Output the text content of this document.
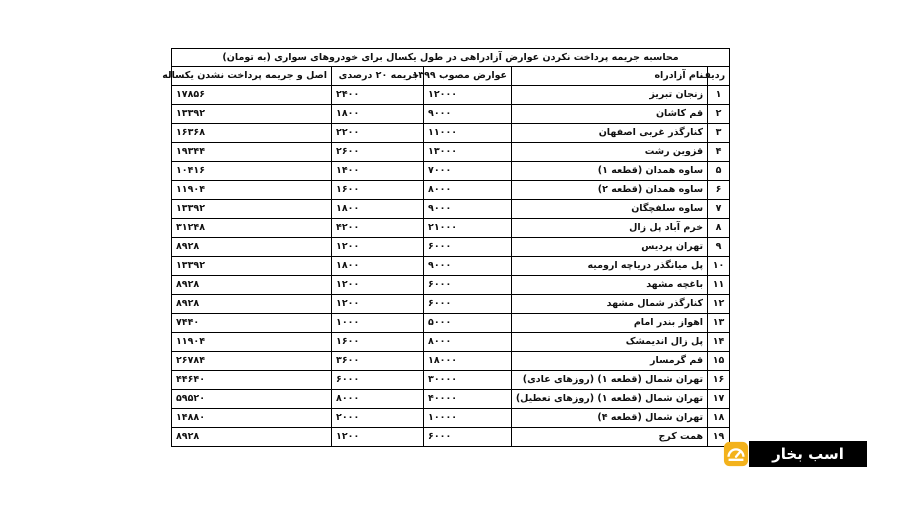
محاسبه جریمه پرداخت نکردن عوارض آزادراهی در طول یکسال برای خودروهای سواری (به تومان)				
ردیف	نام آزادراه	عوارض مصوب ۱۳۹۹	جریمه ۲۰ درصدی	اصل و جریمه پرداخت نشدن یکساله
۱	زنجان تبریز	۱۲۰۰۰	۲۴۰۰	۱۷۸۵۶
۲	قم کاشان	۹۰۰۰	۱۸۰۰	۱۳۳۹۲
۳	کنارگذر غربی اصفهان	۱۱۰۰۰	۲۲۰۰	۱۶۳۶۸
۴	قزوین رشت	۱۳۰۰۰	۲۶۰۰	۱۹۳۴۴
۵	ساوه همدان (قطعه ۱)	۷۰۰۰	۱۴۰۰	۱۰۴۱۶
۶	ساوه همدان (قطعه ۲)	۸۰۰۰	۱۶۰۰	۱۱۹۰۴
۷	ساوه سلفچگان	۹۰۰۰	۱۸۰۰	۱۳۳۹۲
۸	خرم آباد پل زال	۲۱۰۰۰	۴۲۰۰	۳۱۲۴۸
۹	تهران پردیس	۶۰۰۰	۱۲۰۰	۸۹۲۸
۱۰	پل میانگذر دریاچه ارومیه	۹۰۰۰	۱۸۰۰	۱۳۳۹۲
۱۱	باغچه مشهد	۶۰۰۰	۱۲۰۰	۸۹۲۸
۱۲	کنارگذر شمال مشهد	۶۰۰۰	۱۲۰۰	۸۹۲۸
۱۳	اهواز بندر امام	۵۰۰۰	۱۰۰۰	۷۴۴۰
۱۴	پل زال اندیمشک	۸۰۰۰	۱۶۰۰	۱۱۹۰۴
۱۵	قم گرمسار	۱۸۰۰۰	۳۶۰۰	۲۶۷۸۴
۱۶	تهران شمال (قطعه ۱) (روزهای عادی)	۳۰۰۰۰	۶۰۰۰	۴۴۶۴۰
۱۷	تهران شمال (قطعه ۱) (روزهای تعطیل)	۴۰۰۰۰	۸۰۰۰	۵۹۵۲۰
۱۸	تهران شمال (قطعه ۴)	۱۰۰۰۰	۲۰۰۰	۱۴۸۸۰
۱۹	همت کرج	۶۰۰۰	۱۲۰۰	۸۹۲۸
اسب بخار
